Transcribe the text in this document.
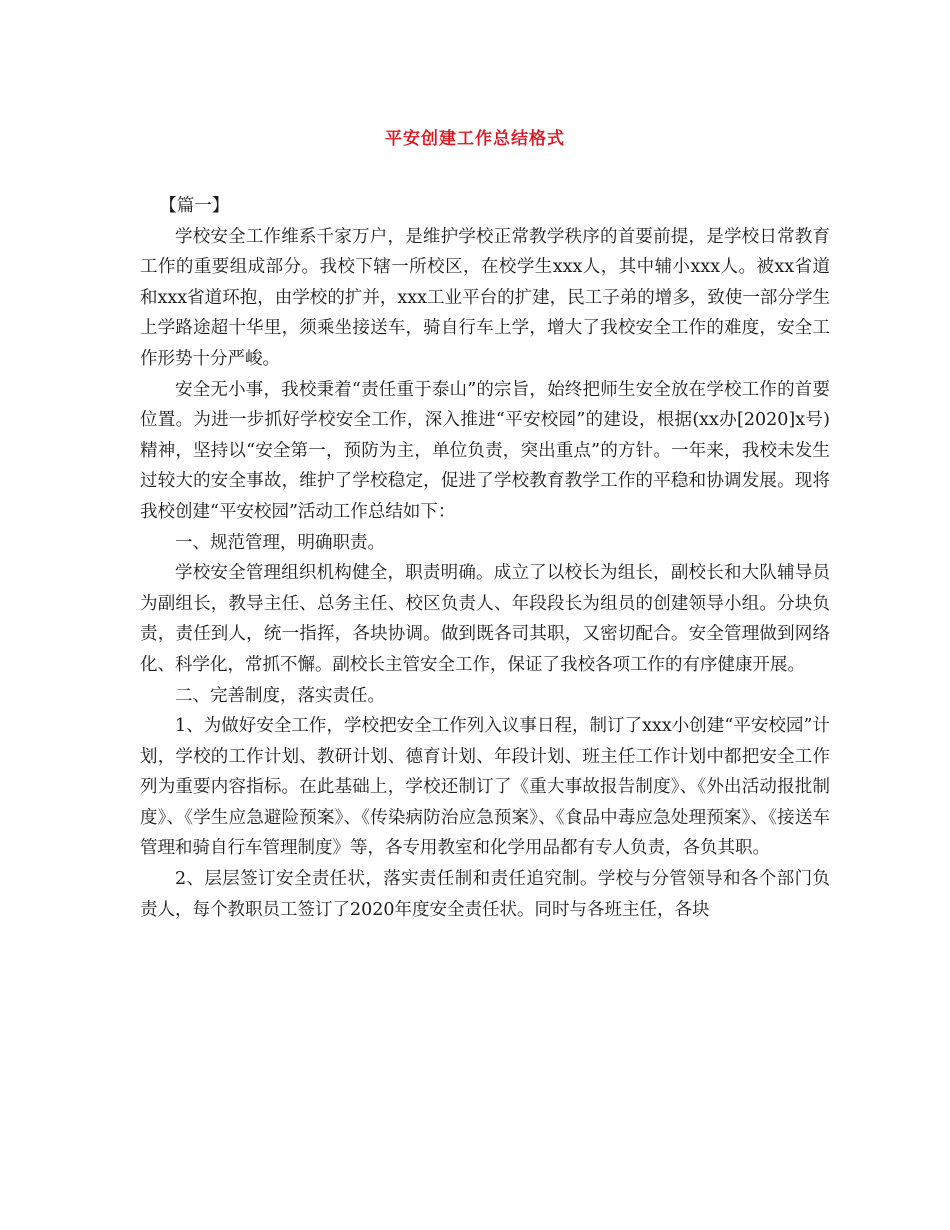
平安创建工作总结格式

【篇一】

学校安全工作维系千家万户，是维护学校正常教学秩序的首要前提，是学校日常教育工作的重要组成部分。我校下辖一所校区，在校学生xxx人，其中辅小xxx人。被xx省道和xxx省道环抱，由学校的扩并，xxx工业平台的扩建，民工子弟的增多，致使一部分学生上学路途超十华里，须乘坐接送车，骑自行车上学，增大了我校安全工作的难度，安全工作形势十分严峻。

安全无小事，我校秉着“责任重于泰山”的宗旨，始终把师生安全放在学校工作的首要位置。为进一步抓好学校安全工作，深入推进“平安校园”的建设，根据(xx办[2020]x号)精神，坚持以“安全第一，预防为主，单位负责，突出重点”的方针。一年来，我校未发生过较大的安全事故，维护了学校稳定，促进了学校教育教学工作的平稳和协调发展。现将我校创建“平安校园”活动工作总结如下：

一、规范管理，明确职责。

学校安全管理组织机构健全，职责明确。成立了以校长为组长，副校长和大队辅导员为副组长，教导主任、总务主任、校区负责人、年段段长为组员的创建领导小组。分块负责，责任到人，统一指挥，各块协调。做到既各司其职，又密切配合。安全管理做到网络化、科学化，常抓不懈。副校长主管安全工作，保证了我校各项工作的有序健康开展。

二、完善制度，落实责任。

1、为做好安全工作，学校把安全工作列入议事日程，制订了xxx小创建“平安校园”计划，学校的工作计划、教研计划、德育计划、年段计划、班主任工作计划中都把安全工作列为重要内容指标。在此基础上，学校还制订了《重大事故报告制度》、《外出活动报批制度》、《学生应急避险预案》、《传染病防治应急预案》、《食品中毒应急处理预案》、《接送车管理和骑自行车管理制度》等，各专用教室和化学用品都有专人负责，各负其职。

2、层层签订安全责任状，落实责任制和责任追究制。学校与分管领导和各个部门负责人，每个教职员工签订了2020年度安全责任状。同时与各班主任，各块
